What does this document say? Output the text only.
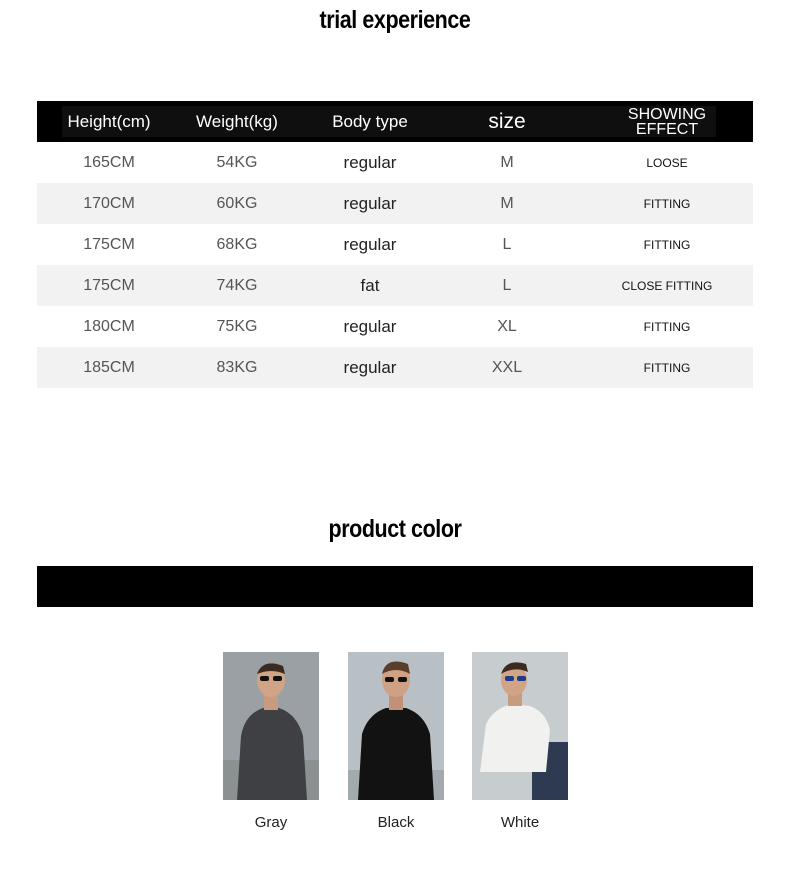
trial experience
Height(cm)	Weight(kg)	Body type	size	SHOWING EFFECT
165CM	54KG	regular	M	LOOSE
170CM	60KG	regular	M	FITTING
175CM	68KG	regular	L	FITTING
175CM	74KG	fat	L	CLOSE FITTING
180CM	75KG	regular	XL	FITTING
185CM	83KG	regular	XXL	FITTING
product color
Gray	Black	White
